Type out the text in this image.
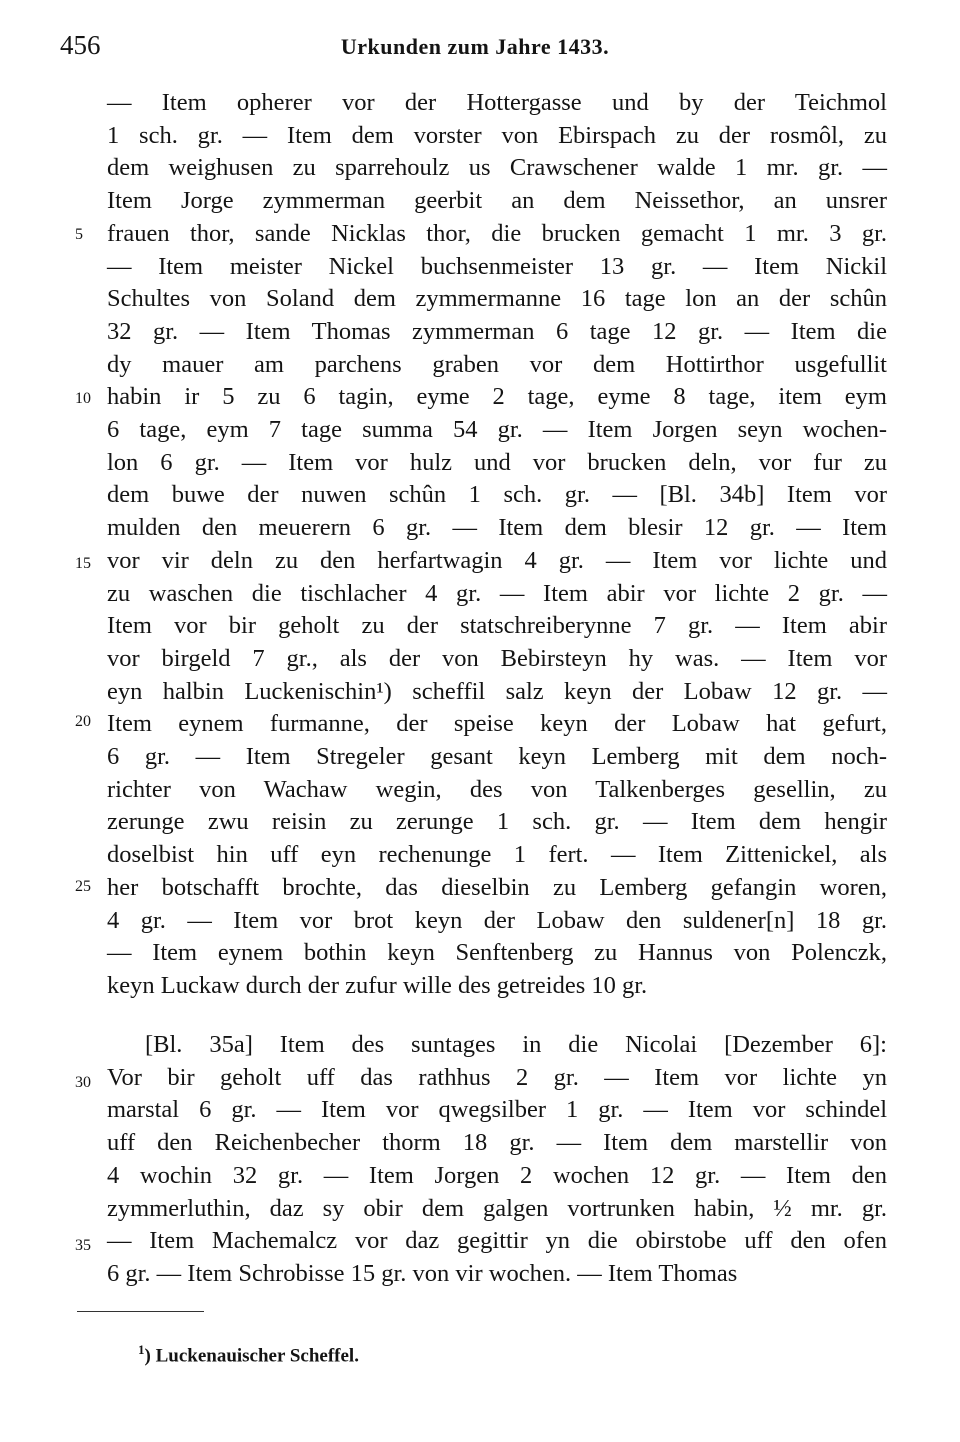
456	Urkunden zum Jahre 1433.
— Item opherer vor der Hottergasse und by der Teichmol
1 sch. gr. — Item dem vorster von Ebirspach zu der rosmôl, zu
dem weighusen zu sparrehoulz us Crawschener walde 1 mr. gr. —
Item Jorge zymmerman geerbit an dem Neissethor, an unsrer
frauen thor, sande Nicklas thor, die brucken gemacht 1 mr. 3 gr.
— Item meister Nickel buchsenmeister 13 gr. — Item Nickil
Schultes von Soland dem zymmermanne 16 tage lon an der schûn
32 gr. — Item Thomas zymmerman 6 tage 12 gr. — Item die
dy mauer am parchens graben vor dem Hottirthor usgefullit
habin ir 5 zu 6 tagin, eyme 2 tage, eyme 8 tage, item eym
6 tage, eym 7 tage summa 54 gr. — Item Jorgen seyn wochen-
lon 6 gr. — Item vor hulz und vor brucken deln, vor fur zu
dem buwe der nuwen schûn 1 sch. gr. — [Bl. 34b] Item vor
mulden den meuerern 6 gr. — Item dem blesir 12 gr. — Item
vor vir deln zu den herfartwagin 4 gr. — Item vor lichte und
zu waschen die tischlacher 4 gr. — Item abir vor lichte 2 gr. —
Item vor bir geholt zu der statschreiberynne 7 gr. — Item abir
vor birgeld 7 gr., als der von Bebirsteyn hy was. — Item vor
eyn halbin Luckenischin¹) scheffil salz keyn der Lobaw 12 gr. —
Item eynem furmanne, der speise keyn der Lobaw hat gefurt,
6 gr. — Item Stregeler gesant keyn Lemberg mit dem noch-
richter von Wachaw wegin, des von Talkenberges gesellin, zu
zerunge zwu reisin zu zerunge 1 sch. gr. — Item dem hengir
doselbist hin uff eyn rechenunge 1 fert. — Item Zittenickel, als
her botschafft brochte, das dieselbin zu Lemberg gefangin woren,
4 gr. — Item vor brot keyn der Lobaw den suldener[n] 18 gr.
— Item eynem bothin keyn Senftenberg zu Hannus von Polenczk,
keyn Luckaw durch der zufur wille des getreides 10 gr.
[Bl. 35a] Item des suntages in die Nicolai [Dezember 6]:
Vor bir geholt uff das rathhus 2 gr. — Item vor lichte yn
marstal 6 gr. — Item vor qwegsilber 1 gr. — Item vor schindel
uff den Reichenbecher thorm 18 gr. — Item dem marstellir von
4 wochin 32 gr. — Item Jorgen 2 wochen 12 gr. — Item den
zymmerluthin, daz sy obir dem galgen vortrunken habin, ½ mr. gr.
— Item Machemalcz vor daz gegittir yn die obirstobe uff den ofen
6 gr. — Item Schrobisse 15 gr. von vir wochen. — Item Thomas
5
10
15
20
25
30
35
$^1$) Luckenauischer Scheffel.
